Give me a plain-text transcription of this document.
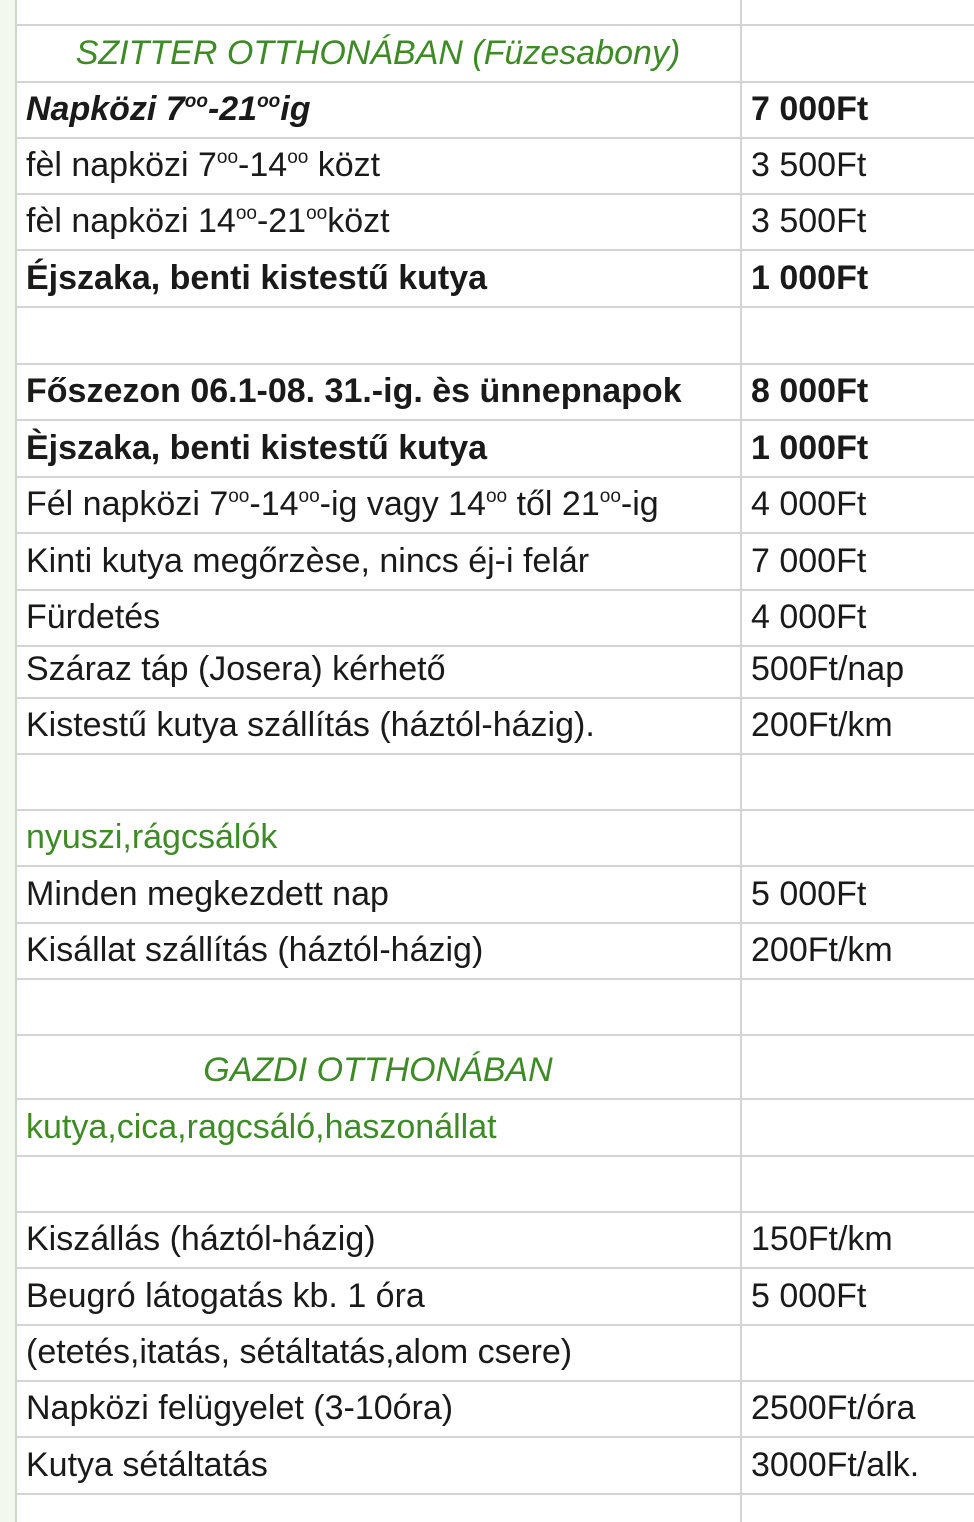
SZITTER OTTHONÁBAN (Füzesabony)
Napközi $7^{oo}-21^{oo}ig$	7 000Ft
fèl napközi $7^{oo}-14^{oo}$ közt	3 500Ft
fèl napközi $14^{oo}-21^{oo}közt$	3 500Ft
Éjszaka, benti kistestű kutya	1 000Ft
Főszezon 06.1-08. 31.-ig. ès ünnepnapok 8 000Ft
Èjszaka, benti kistestű kutya	1 000Ft
Fél napközi $7^{oo}-14^{oo}-ig$ vagy $14^{oo}$ től $21^{oo}-ig$	4 000Ft
Kinti kutya megőrzèse, nincs éj-i felár	7 000Ft
Fürdetés	4 000Ft
Száraz táp (Josera) kérhető	500Ft/nap
Kistestű kutya szállítás (háztól-házig).	200Ft/km
nyuszi,rágcsálók
Minden megkezdett nap	5 000Ft
Kisállat szállítás (háztól-házig)	200Ft/km
GAZDI OTTHONÁBAN
kutya,cica,ragcsáló,haszonállat
Kiszállás (háztól-házig)	150Ft/km
Beugró látogatás kb. 1 óra	5 000Ft
(etetés,itatás, sétáltatás,alom csere)
Napközi felügyelet (3-10óra)	2500Ft/óra
Kutya sétáltatás	3000Ft/alk.
